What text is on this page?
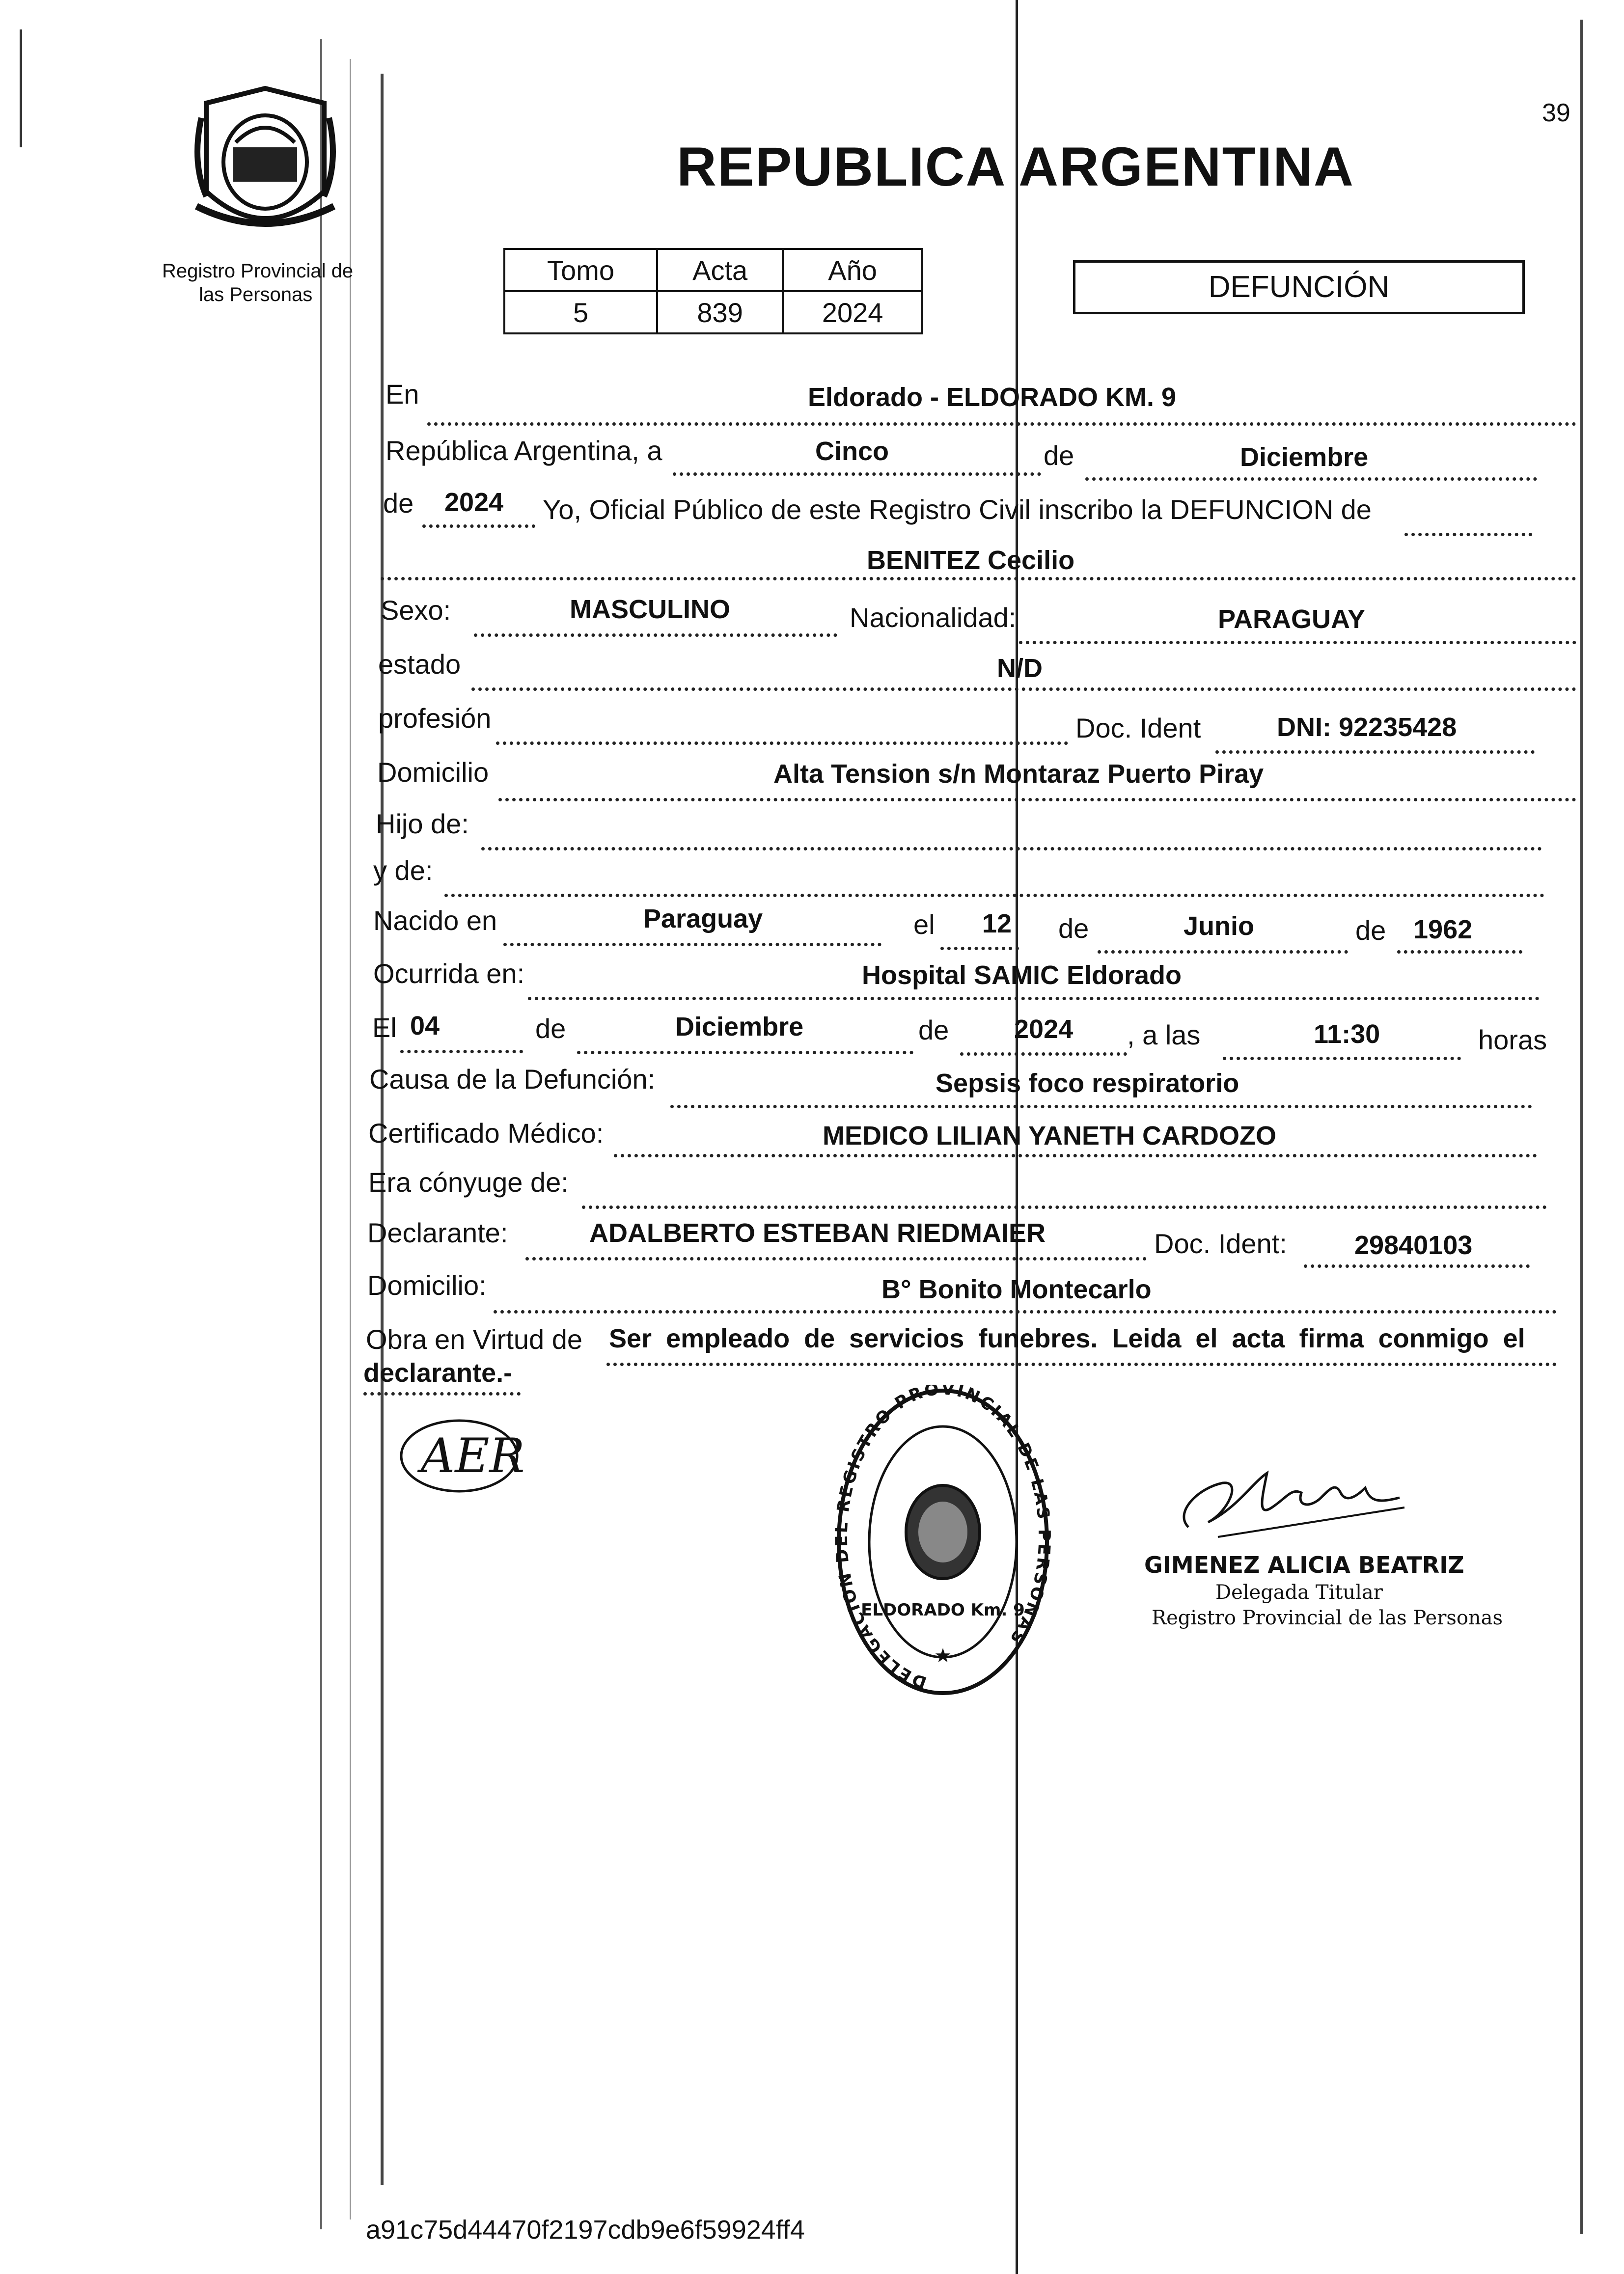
39
Registro Provincial de
las Personas
REPUBLICA ARGENTINA
Tomo	Acta	Año
5	839	2024
DEFUNCIÓN
En	Eldorado - ELDORADO KM. 9
República Argentina, a	Cinco	de	Diciembre
de 2024 Yo, Oficial Público de este Registro Civil inscribo la DEFUNCION de
BENITEZ Cecilio
Sexo:	MASCULINO	Nacionalidad:	PARAGUAY
estado	N/D
profesión	Doc. Ident	DNI: 92235428
Domicilio	Alta Tension s/n Montaraz Puerto Piray
Hijo de:
y de:
Nacido en	Paraguay	el 12 de	Junio	de 1962
Ocurrida en:	Hospital SAMIC Eldorado
El 04	de	Diciembre	de 2024 , a las	11:30	horas
Causa de la Defunción:	Sepsis foco respiratorio
Certificado Médico:	MEDICO LILIAN YANETH CARDOZO
Era cónyuge de:
Declarante:	ADALBERTO ESTEBAN RIEDMAIER	Doc. Ident:	29840103
Domicilio:	B° Bonito Montecarlo
Obra en Virtud de Ser empleado de servicios funebres. Leida el acta firma conmigo el
declarante.-
AER
DELEGACION REGISTRO PROVINCIAL DE LA RSONAS
ELDORADO Km. 9
★
GIMENEZ ALICIA BEATRIZ
Delegada Titular
Registro Provincial de las Personas
a91c75d44470f2197cdb9e6f59924ff4
